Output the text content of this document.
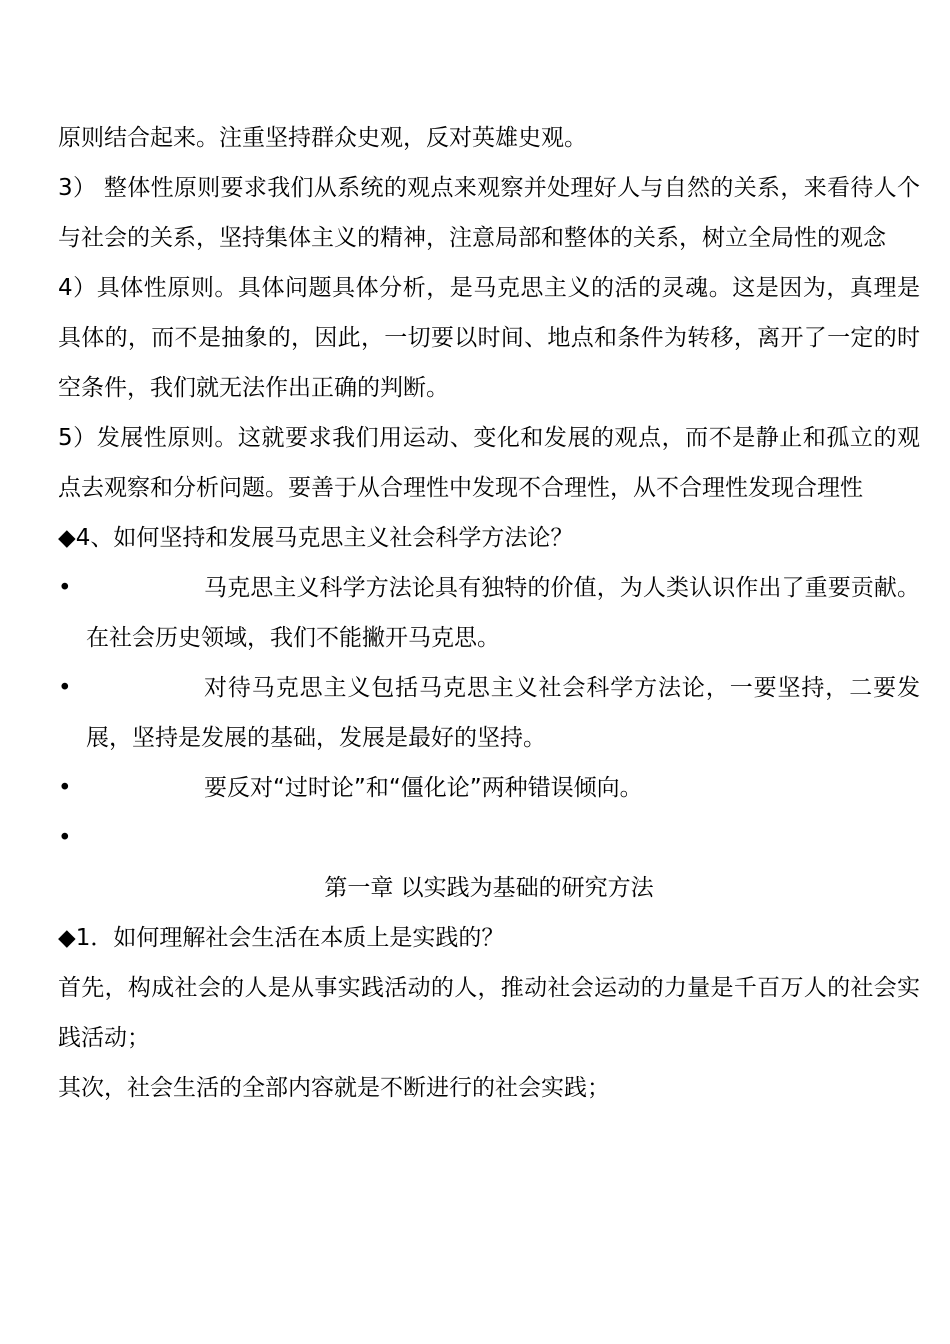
原则结合起来。注重坚持群众史观，反对英雄史观。

3） 整体性原则要求我们从系统的观点来观察并处理好人与自然的关系，来看待人个与社会的关系，坚持集体主义的精神，注意局部和整体的关系，树立全局性的观念

4）具体性原则。具体问题具体分析，是马克思主义的活的灵魂。这是因为，真理是具体的，而不是抽象的，因此，一切要以时间、地点和条件为转移，离开了一定的时空条件，我们就无法作出正确的判断。

5）发展性原则。这就要求我们用运动、变化和发展的观点，而不是静止和孤立的观点去观察和分析问题。要善于从合理性中发现不合理性，从不合理性发现合理性

◆4、如何坚持和发展马克思主义社会科学方法论？

•	马克思主义科学方法论具有独特的价值，为人类认识作出了重要贡献。在社会历史领域，我们不能撇开马克思。
•	对待马克思主义包括马克思主义社会科学方法论，一要坚持，二要发展，坚持是发展的基础，发展是最好的坚持。
•	要反对“过时论”和“僵化论”两种错误倾向。
•

第一章 以实践为基础的研究方法

◆1．如何理解社会生活在本质上是实践的？

首先，构成社会的人是从事实践活动的人，推动社会运动的力量是千百万人的社会实践活动；

其次，社会生活的全部内容就是不断进行的社会实践；
